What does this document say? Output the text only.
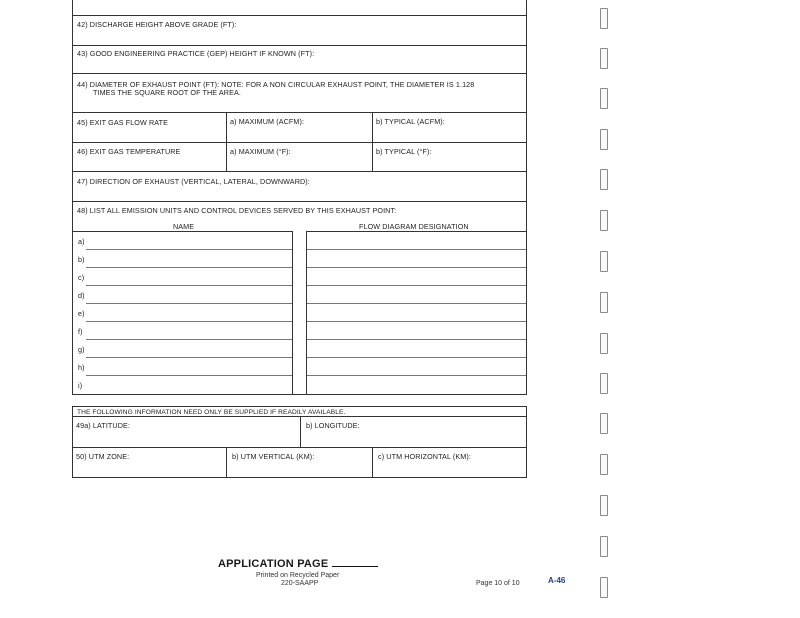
42) DISCHARGE HEIGHT ABOVE GRADE (FT):
43) GOOD ENGINEERING PRACTICE (GEP) HEIGHT IF KNOWN (FT):
44) DIAMETER OF EXHAUST POINT (FT): NOTE: FOR A NON CIRCULAR EXHAUST POINT, THE DIAMETER IS 1.128
TIMES THE SQUARE ROOT OF THE AREA.
45) EXIT GAS FLOW RATE	a) MAXIMUM (ACFM):	b) TYPICAL (ACFM):
46) EXIT GAS TEMPERATURE	a) MAXIMUM (°F):	b) TYPICAL (°F):
47) DIRECTION OF EXHAUST (VERTICAL, LATERAL, DOWNWARD):
48) LIST ALL EMISSION UNITS AND CONTROL DEVICES SERVED BY THIS EXHAUST POINT:
NAME	FLOW DIAGRAM DESIGNATION
a)
b)
c)
d)
e)
f)
g)
h)
i)
THE FOLLOWING INFORMATION NEED ONLY BE SUPPLIED IF READILY AVAILABLE.
49a) LATITUDE:	b) LONGITUDE:
50) UTM ZONE:	b) UTM VERTICAL (KM):	c) UTM HORIZONTAL (KM):
APPLICATION PAGE
Printed on Recycled Paper
220-SAAPP	Page 10 of 10	A-46
